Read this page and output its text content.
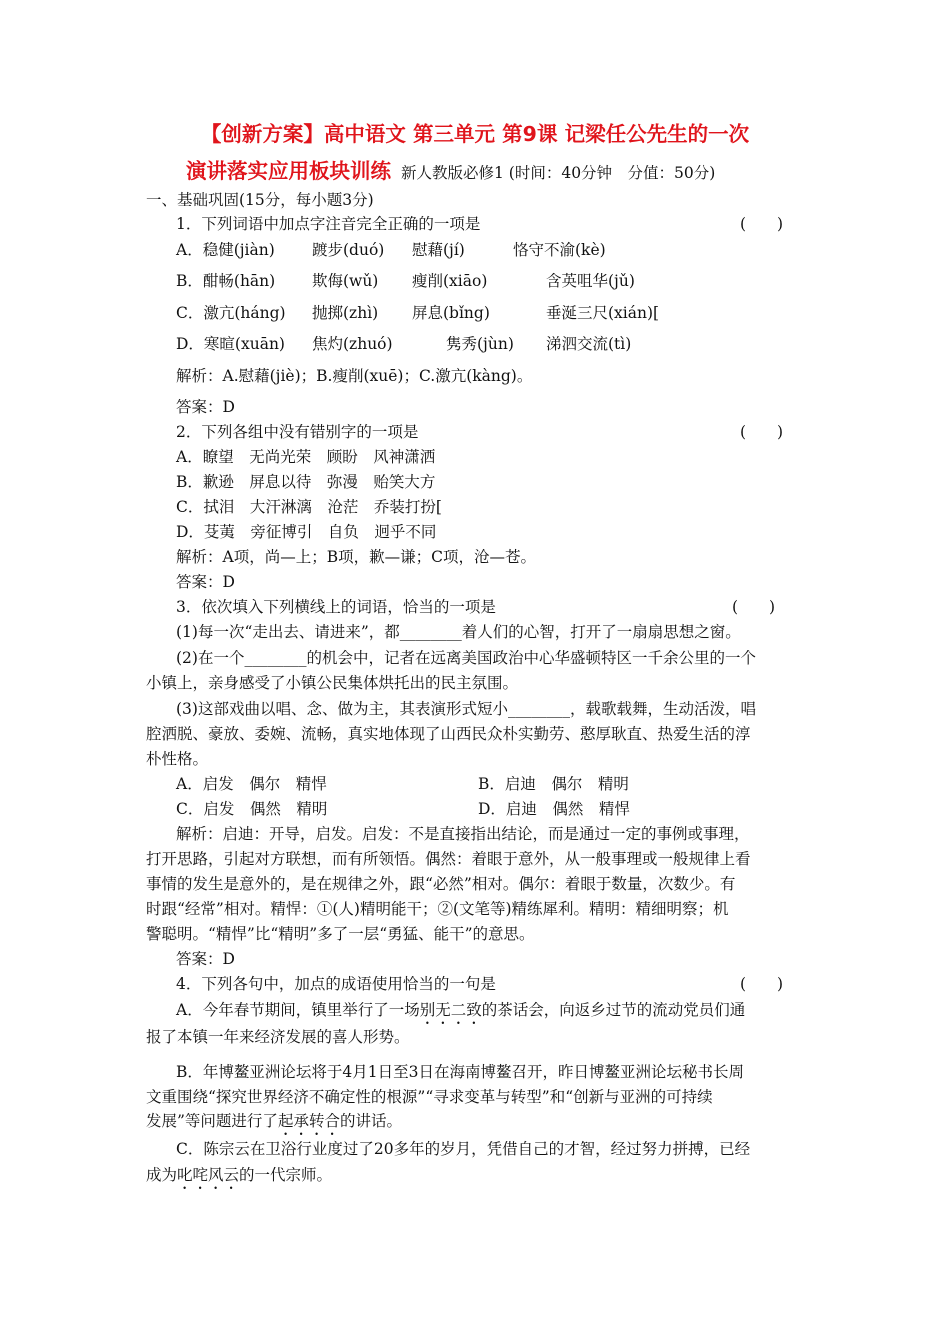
【创新方案】高中语文 第三单元 第9课 记梁任公先生的一次
演讲落实应用板块训练 新人教版必修1 (时间：40分钟　分值：50分)
一、基础巩固(15分，每小题3分)
1．下列词语中加点字注音完全正确的一项是	(　　)
A．稳健(jiàn) 踱步(duó) 慰藉(jí)	恪守不渝(kè)
B．酣畅(hān) 欺侮(wǔ) 瘦削(xiāo)	含英咀华(jǔ)
C．激亢(háng) 抛掷(zhì) 屏息(bǐng)	垂涎三尺(xián)[
D．寒暄(xuān) 焦灼(zhuó)	隽秀(jùn) 涕泗交流(tì)
解析：A.慰藉(jiè)；B.瘦削(xuē)；C.激亢(kàng)。
答案：D
2．下列各组中没有错别字的一项是	(　　)
A．瞭望　无尚光荣　顾盼　风神潇洒
B．歉逊　屏息以待　弥漫　贻笑大方
C．拭泪　大汗淋漓　沧茫　乔装打扮[
D．芟荑　旁征博引　自负　迥乎不同
解析：A项，尚—上；B项，歉—谦；C项，沧—苍。
答案：D
3．依次填入下列横线上的词语，恰当的一项是	(　　)
(1)每一次“走出去、请进来”，都________着人们的心智，打开了一扇扇思想之窗。
(2)在一个________的机会中，记者在远离美国政治中心华盛顿特区一千余公里的一个
小镇上，亲身感受了小镇公民集体烘托出的民主氛围。
(3)这部戏曲以唱、念、做为主，其表演形式短小________，载歌载舞，生动活泼，唱
腔洒脱、豪放、委婉、流畅，真实地体现了山西民众朴实勤劳、憨厚耿直、热爱生活的淳
朴性格。
A．启发　偶尔　精悍	B．启迪　偶尔　精明
C．启发　偶然　精明	D．启迪　偶然　精悍
解析：启迪：开导，启发。启发：不是直接指出结论，而是通过一定的事例或事理，
打开思路，引起对方联想，而有所领悟。偶然：着眼于意外，从一般事理或一般规律上看
事情的发生是意外的，是在规律之外，跟“必然”相对。偶尔：着眼于数量，次数少。有
时跟“经常”相对。精悍：①(人)精明能干；②(文笔等)精练犀利。精明：精细明察；机
警聪明。“精悍”比“精明”多了一层“勇猛、能干”的意思。
答案：D
4．下列各句中，加点的成语使用恰当的一句是	(　　)
A．今年春节期间，镇里举行了一场别无二致的茶话会，向返乡过节的流动党员们通
报了本镇一年来经济发展的喜人形势。
B．年博鳌亚洲论坛将于4月1日至3日在海南博鳌召开，昨日博鳌亚洲论坛秘书长周
文重围绕“探究世界经济不确定性的根源”“寻求变革与转型”和“创新与亚洲的可持续
发展”等问题进行了起承转合的讲话。
C．陈宗云在卫浴行业度过了20多年的岁月，凭借自己的才智，经过努力拼搏，已经
成为叱咤风云的一代宗师。
